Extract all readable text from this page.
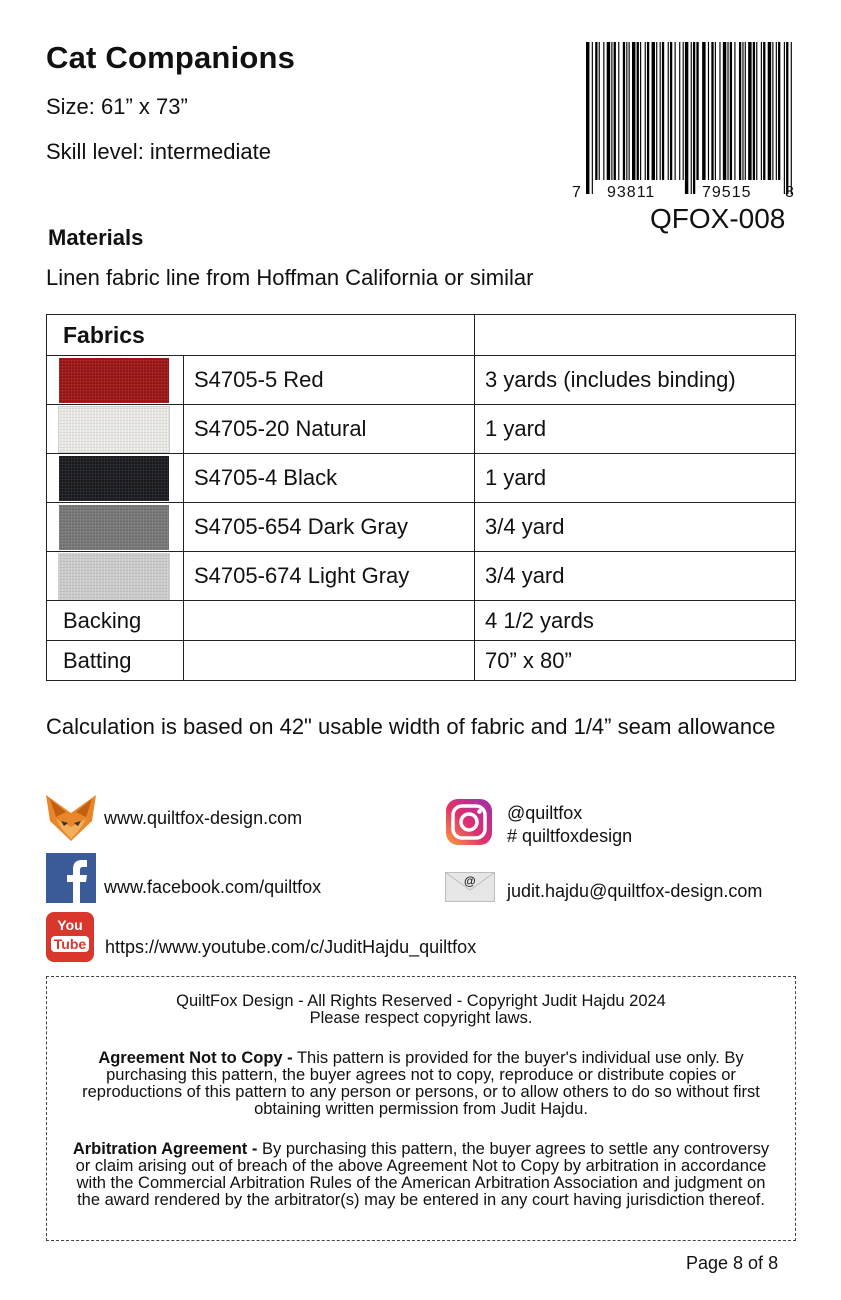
Cat Companions
Size: 61” x 73”
Skill level: intermediate
7 93811	79515 8
QFOX-008
Materials
Linen fabric line from Hoffman California or similar
Fabrics		

	S4705-5 Red	3 yards (includes binding)

	S4705-20 Natural	1 yard

	S4705-4 Black	1 yard

	S4705-654 Dark Gray	3/4 yard

	S4705-674 Light Gray	3/4 yard
Backing		4 1/2 yards
Batting		70” x 80”
Calculation is based on 42" usable width of fabric and 1/4” seam allowance
www.quiltfox-design.com
www.facebook.com/quiltfox
You
Tube https://www.youtube.com/c/JuditHajdu_quiltfox
@quiltfox
# quiltfoxdesign
@ judit.hajdu@quiltfox-design.com

QuiltFox Design - All Rights Reserved - Copyright Judit Hajdu 2024

Please respect copyright laws.

Agreement Not to Copy - This pattern is provided for the buyer's individual use only. By purchasing this pattern, the buyer agrees not to copy, reproduce or distribute copies or reproductions of this pattern to any person or persons, or to allow others to do so without first obtaining written permission from Judit Hajdu.

Arbitration Agreement - By purchasing this pattern, the buyer agrees to settle any controversy or claim arising out of breach of the above Agreement Not to Copy by arbitration in accordance with the Commercial Arbitration Rules of the American Arbitration Association and judgment on the award rendered by the arbitrator(s) may be entered in any court having jurisdiction thereof.

Page 8 of 8
